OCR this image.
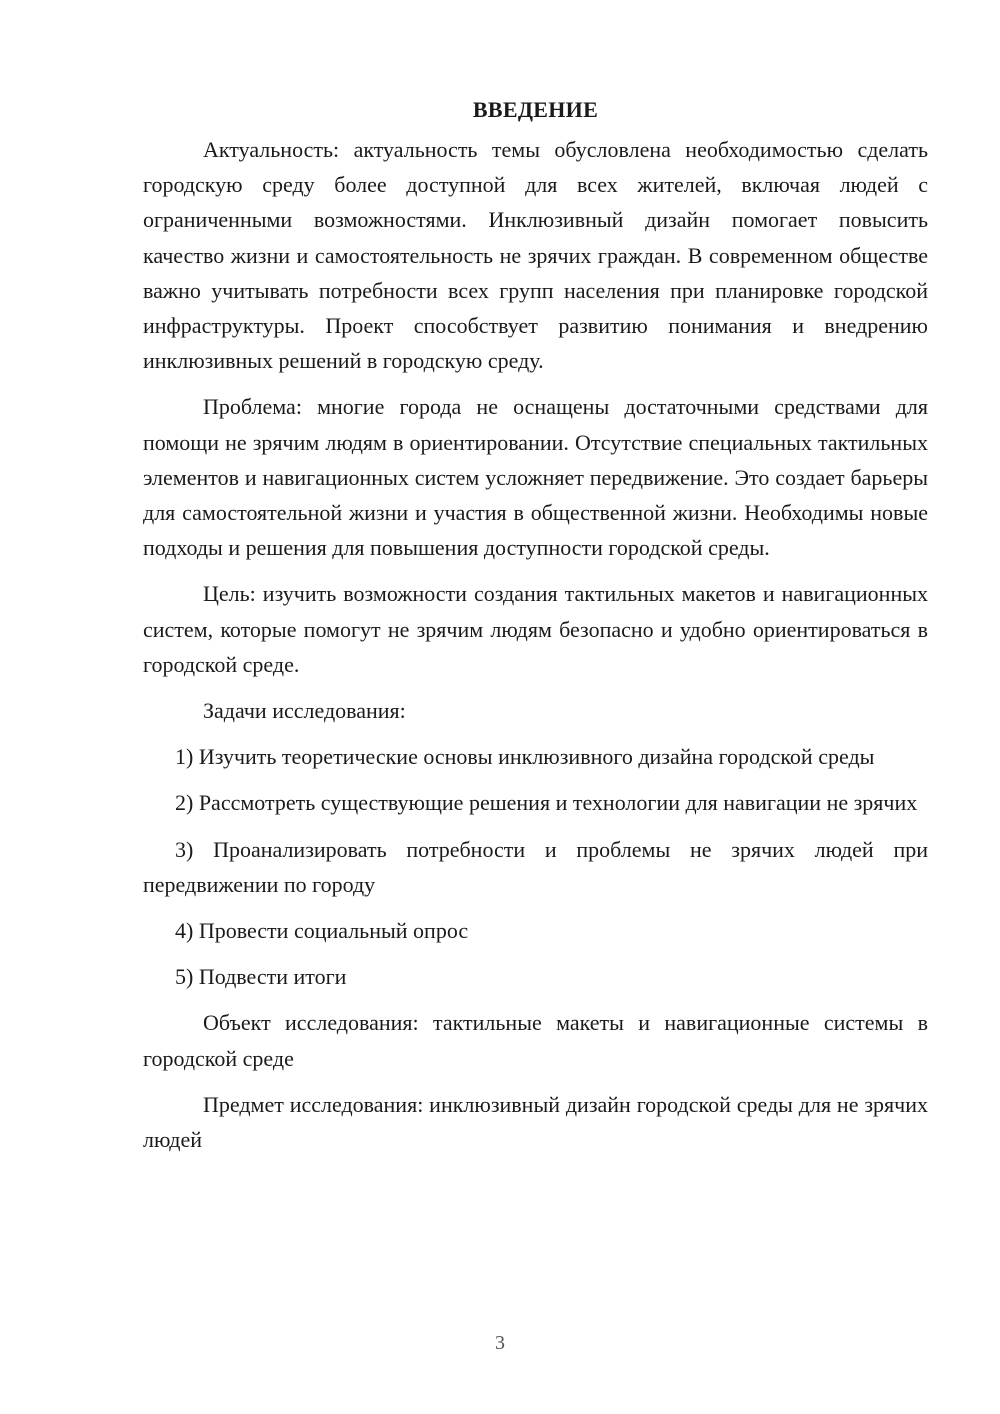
ВВЕДЕНИЕ

Актуальность: актуальность темы обусловлена необходимостью сделать городскую среду более доступной для всех жителей, включая людей с ограниченными возможностями. Инклюзивный дизайн помогает повысить качество жизни и самостоятельность не зрячих граждан. В современном обществе важно учитывать потребности всех групп населения при планировке городской инфраструктуры. Проект способствует развитию понимания и внедрению инклюзивных решений в городскую среду.

Проблема: многие города не оснащены достаточными средствами для помощи не зрячим людям в ориентировании. Отсутствие специальных тактильных элементов и навигационных систем усложняет передвижение. Это создает барьеры для самостоятельной жизни и участия в общественной жизни. Необходимы новые подходы и решения для повышения доступности городской среды.

Цель: изучить возможности создания тактильных макетов и навигационных систем, которые помогут не зрячим людям безопасно и удобно ориентироваться в городской среде.

Задачи исследования:

1) Изучить теоретические основы инклюзивного дизайна городской среды

2) Рассмотреть существующие решения и технологии для навигации не зрячих

3) Проанализировать потребности и проблемы не зрячих людей при передвижении по городу

4) Провести социальный опрос

5) Подвести итоги

Объект исследования: тактильные макеты и навигационные системы в городской среде

Предмет исследования: инклюзивный дизайн городской среды для не зрячих людей

3
